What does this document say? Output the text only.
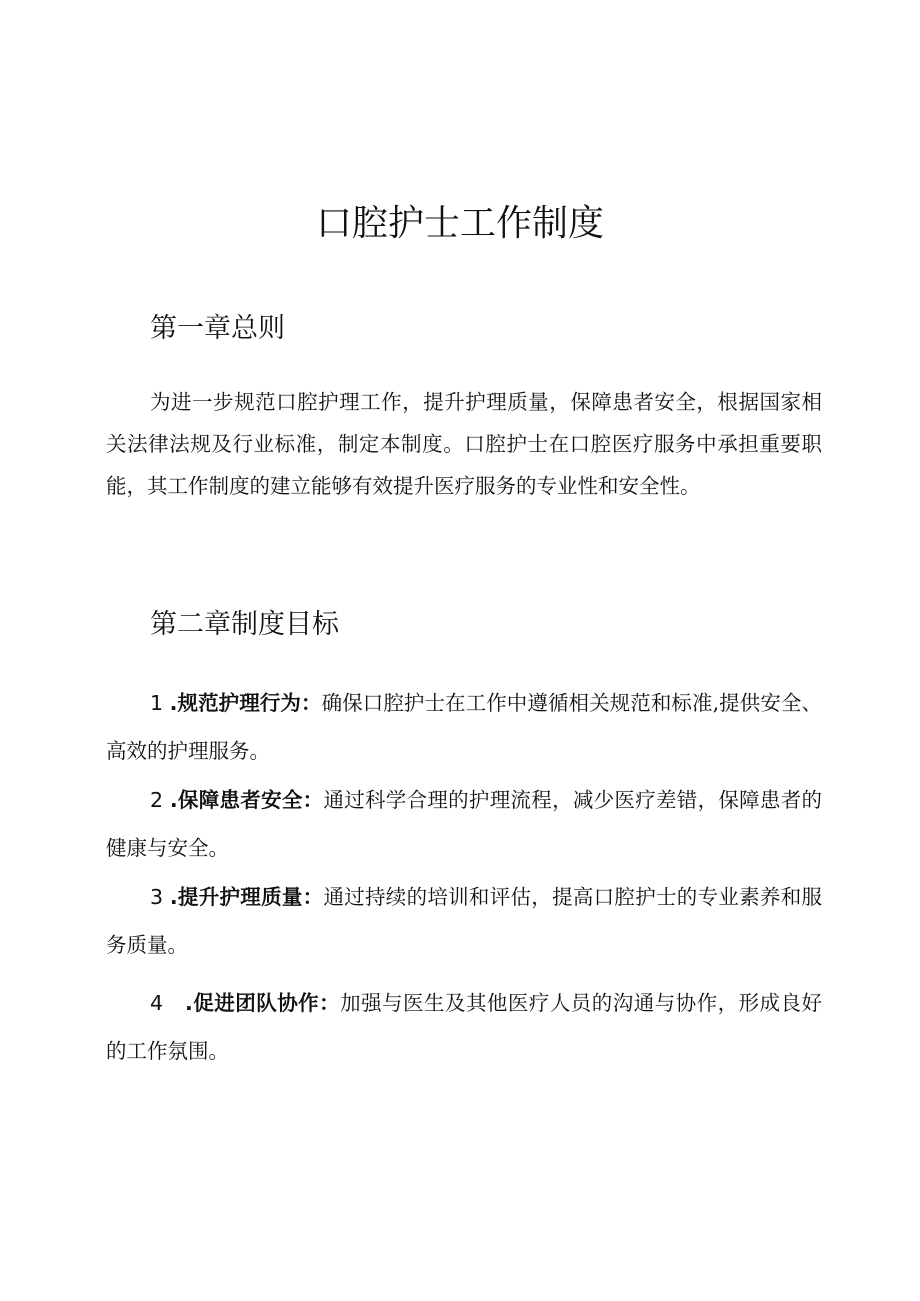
口腔护士工作制度
第一章总则

为进一步规范口腔护理工作，提升护理质量，保障患者安全，根据国家相关法律法规及行业标准，制定本制度。口腔护士在口腔医疗服务中承担重要职能，其工作制度的建立能够有效提升医疗服务的专业性和安全性。

第二章制度目标

1 .规范护理行为：确保口腔护士在工作中遵循相关规范和标准,提供安全、高效的护理服务。

2 .保障患者安全：通过科学合理的护理流程，减少医疗差错，保障患者的健康与安全。

3 .提升护理质量：通过持续的培训和评估，提高口腔护士的专业素养和服务质量。

4 .促进团队协作：加强与医生及其他医疗人员的沟通与协作，形成良好的工作氛围。
